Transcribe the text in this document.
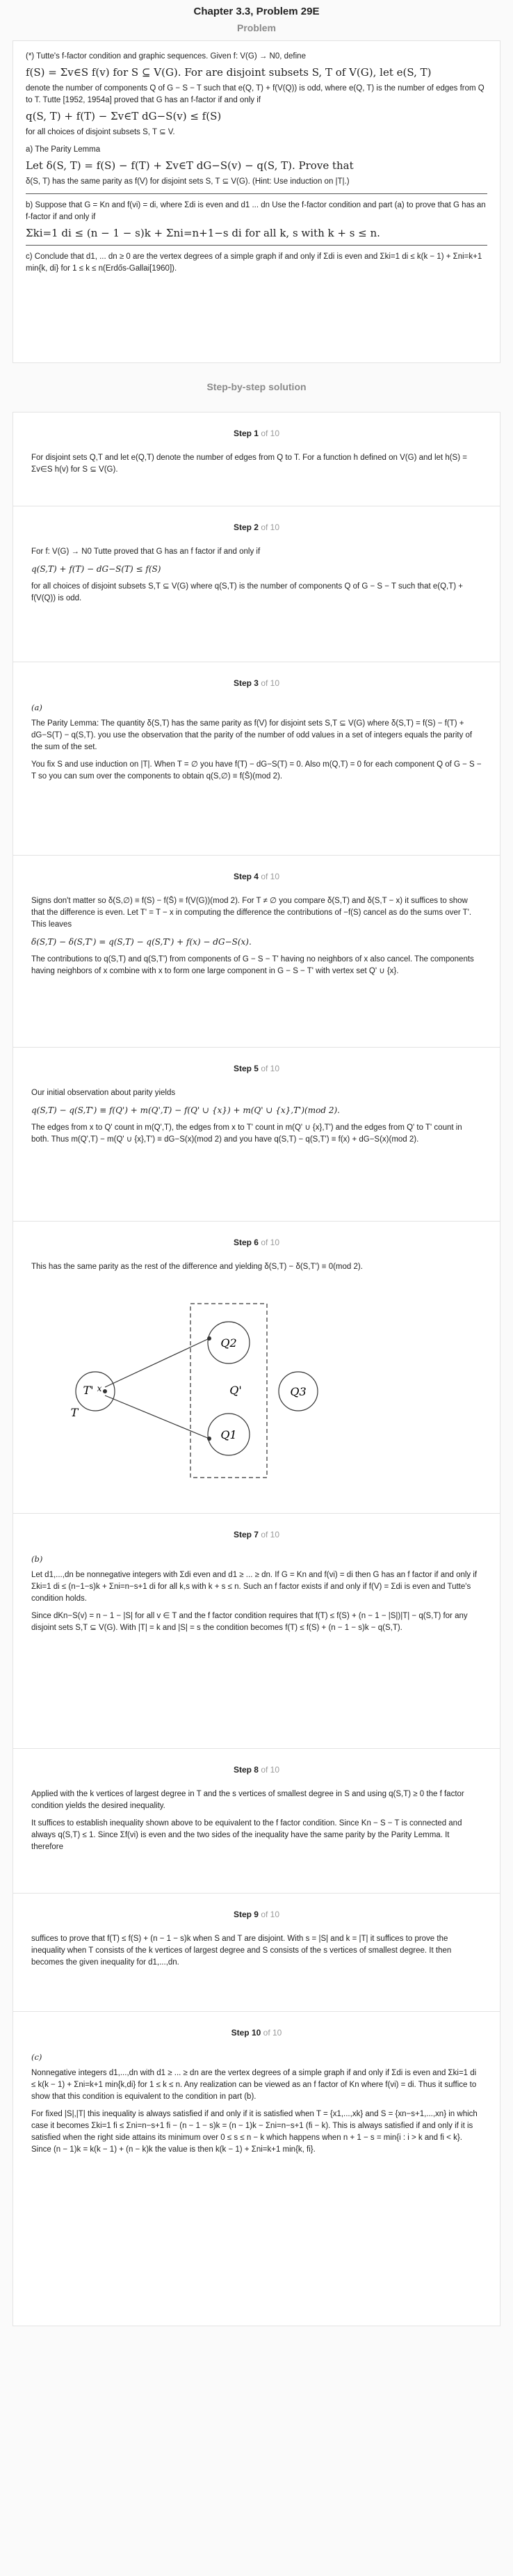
Chapter 3.3, Problem 29E
Problem
(*) Tutte's f-factor condition and graphic sequences. Given f: V(G) → N0, define
f(S) = Σv∈S f(v) for S ⊆ V(G). For are disjoint subsets S, T of V(G), let e(S, T)
denote the number of components Q of G − S − T such that e(Q, T) + f(V(Q)) is odd, where e(Q, T) is the number of edges from Q to T. Tutte [1952, 1954a] proved that G has an f-factor if and only if
q(S, T) + f(T) − Σv∈T dG−S(v) ≤ f(S)
for all choices of disjoint subsets S, T ⊆ V.
a) The Parity Lemma
Let δ(S, T) = f(S) − f(T) + Σv∈T dG−S(v) − q(S, T). Prove that
δ(S, T) has the same parity as f(V) for disjoint sets S, T ⊆ V(G). (Hint: Use induction on |T|.)
b) Suppose that G = Kn and f(vi) = di, where Σdi is even and d1 ... dn Use the f-factor condition and part (a) to prove that G has an f-factor if and only if
Σki=1 di ≤ (n − 1 − s)k + Σni=n+1−s di for all k, s with k + s ≤ n.
c) Conclude that d1, ... dn ≥ 0 are the vertex degrees of a simple graph if and only if Σdi is even and Σki=1 di ≤ k(k − 1) + Σni=k+1 min{k, di} for 1 ≤ k ≤ n(Erdős-Gallai[1960]).
Step-by-step solution
Step 1 of 10

For disjoint sets Q,T and let e(Q,T) denote the number of edges from Q to T. For a function h defined on V(G) and let h(S) = Σv∈S h(v) for S ⊆ V(G).

Step 2 of 10

For f: V(G) → N0 Tutte proved that G has an f factor if and only if

q(S,T) + f(T) − dG−S(T) ≤ f(S)

for all choices of disjoint subsets S,T ⊆ V(G) where q(S,T) is the number of components Q of G − S − T such that e(Q,T) + f(V(Q)) is odd.

Step 3 of 10
(a)

The Parity Lemma: The quantity δ(S,T) has the same parity as f(V) for disjoint sets S,T ⊆ V(G) where δ(S,T) = f(S) − f(T) + dG−S(T) − q(S,T). you use the observation that the parity of the number of odd values in a set of integers equals the parity of the sum of the set.

You fix S and use induction on |T|. When T = ∅ you have f(T) − dG−S(T) = 0. Also m(Q,T) = 0 for each component Q of G − S − T so you can sum over the components to obtain q(S,∅) ≡ f(S̄)(mod 2).

Step 4 of 10

Signs don't matter so δ(S,∅) ≡ f(S) − f(S̄) ≡ f(V(G))(mod 2). For T ≠ ∅ you compare δ(S,T) and δ(S,T − x) it suffices to show that the difference is even. Let T' = T − x in computing the difference the contributions of −f(S) cancel as do the sums over T'. This leaves

δ(S,T) − δ(S,T') = q(S,T) − q(S,T') + f(x) − dG−S(x).

The contributions to q(S,T) and q(S,T') from components of G − S − T' having no neighbors of x also cancel. The components having neighbors of x combine with x to form one large component in G − S − T' with vertex set Q' ∪ {x}.

Step 5 of 10

Our initial observation about parity yields

q(S,T) − q(S,T') ≡ f(Q') + m(Q',T) − f(Q' ∪ {x}) + m(Q' ∪ {x},T')(mod 2).

The edges from x to Q' count in m(Q',T), the edges from x to T' count in m(Q' ∪ {x},T') and the edges from Q' to T' count in both. Thus m(Q',T) − m(Q' ∪ {x},T') ≡ dG−S(x)(mod 2) and you have q(S,T) − q(S,T') ≡ f(x) + dG−S(x)(mod 2).

Step 6 of 10

This has the same parity as the rest of the difference and yielding δ(S,T) − δ(S,T') ≡ 0(mod 2).

Q2
Q1
Q'
T' x
T
Q3
Step 7 of 10
(b)

Let d1,...,dn be nonnegative integers with Σdi even and d1 ≥ ... ≥ dn. If G = Kn and f(vi) = di then G has an f factor if and only if Σki=1 di ≤ (n−1−s)k + Σni=n−s+1 di for all k,s with k + s ≤ n. Such an f factor exists if and only if f(V) = Σdi is even and Tutte's condition holds.

Since dKn−S(v) = n − 1 − |S| for all v ∈ T and the f factor condition requires that f(T) ≤ f(S) + (n − 1 − |S|)|T| − q(S,T) for any disjoint sets S,T ⊆ V(G). With |T| = k and |S| = s the condition becomes f(T) ≤ f(S) + (n − 1 − s)k − q(S,T).

Step 8 of 10

Applied with the k vertices of largest degree in T and the s vertices of smallest degree in S and using q(S,T) ≥ 0 the f factor condition yields the desired inequality.

It suffices to establish inequality shown above to be equivalent to the f factor condition. Since Kn − S − T is connected and always q(S,T) ≤ 1. Since Σf(vi) is even and the two sides of the inequality have the same parity by the Parity Lemma. It therefore

Step 9 of 10

suffices to prove that f(T) ≤ f(S) + (n − 1 − s)k when S and T are disjoint. With s = |S| and k = |T| it suffices to prove the inequality when T consists of the k vertices of largest degree and S consists of the s vertices of smallest degree. It then becomes the given inequality for d1,...,dn.

Step 10 of 10
(c)

Nonnegative integers d1,...,dn with d1 ≥ ... ≥ dn are the vertex degrees of a simple graph if and only if Σdi is even and Σki=1 di ≤ k(k − 1) + Σni=k+1 min{k,di} for 1 ≤ k ≤ n. Any realization can be viewed as an f factor of Kn where f(vi) = di. Thus it suffice to show that this condition is equivalent to the condition in part (b).

For fixed |S|,|T| this inequality is always satisfied if and only if it is satisfied when T = {x1,...,xk} and S = {xn−s+1,...,xn} in which case it becomes Σki=1 fi ≤ Σni=n−s+1 fi − (n − 1 − s)k = (n − 1)k − Σni=n−s+1 (fi − k). This is always satisfied if and only if it is satisfied when the right side attains its minimum over 0 ≤ s ≤ n − k which happens when n + 1 − s = min{i : i > k and fi < k}. Since (n − 1)k = k(k − 1) + (n − k)k the value is then k(k − 1) + Σni=k+1 min{k, fi}.
